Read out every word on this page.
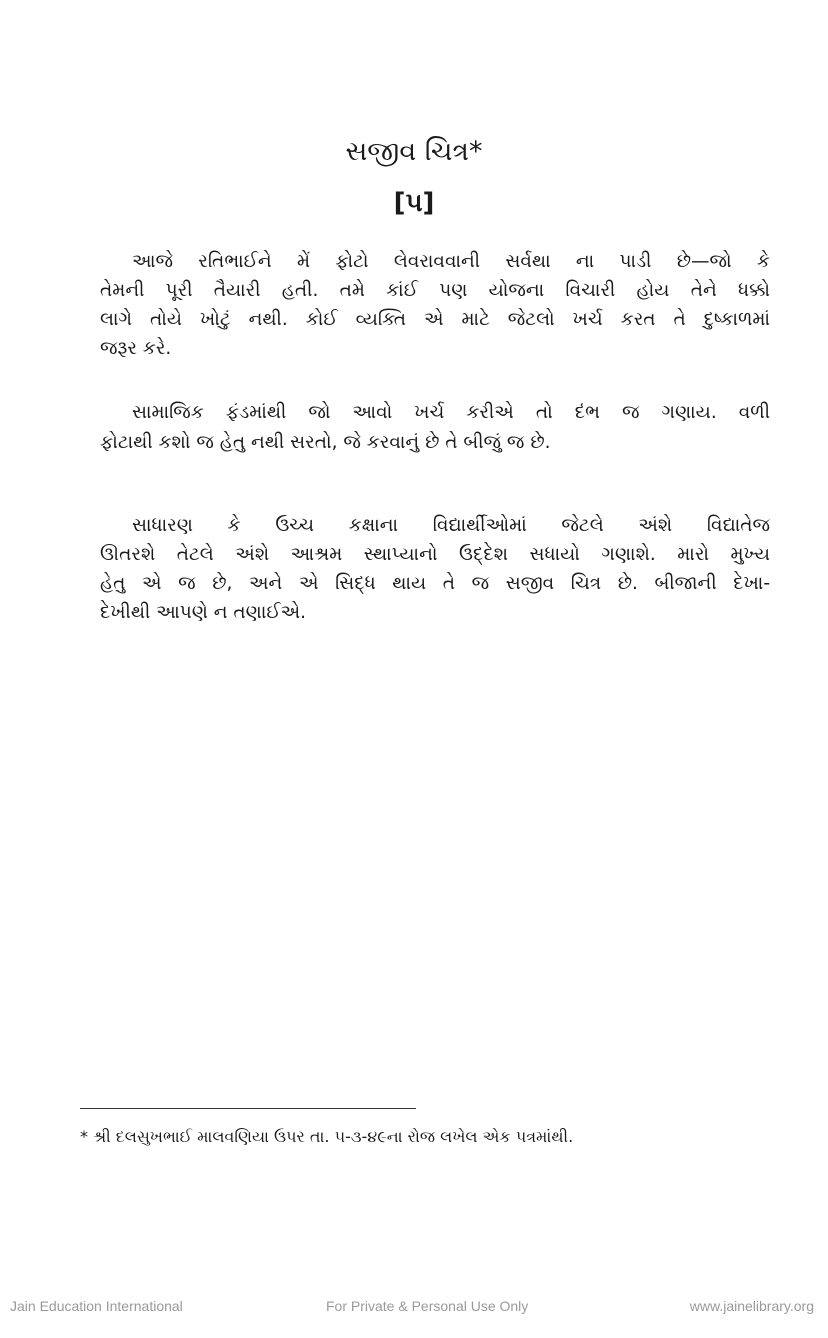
સજીવ ચિત્ર*
[૫]
આજે રતિભાઈને મેં ફોટો લેવરાવવાની સર્વથા ના પાડી છે—જો કે
તેમની પૂરી તૈયારી હતી. તમે કાંઈ પણ યોજના વિચારી હોય તેને ધક્કો
લાગે તોયે ખોટું નથી. કોઈ વ્યક્તિ એ માટે જેટલો ખર્ચ કરત તે દુષ્કાળમાં
જરૂર કરે.
સામાજિક ફંડમાંથી જો આવો ખર્ચ કરીએ તો દંભ જ ગણાય. વળી
ફોટાથી કશો જ હેતુ નથી સરતો, જે કરવાનું છે તે બીજું જ છે.
સાધારણ કે ઉચ્ચ કક્ષાના વિદ્યાર્થીઓમાં જેટલે અંશે વિદ્યાતેજ
ઊતરશે તેટલે અંશે આશ્રમ સ્થાપ્યાનો ઉદ્દેશ સધાયો ગણાશે. મારો મુખ્ય
હેતુ એ જ છે, અને એ સિદ્ધ થાય તે જ સજીવ ચિત્ર છે. બીજાની દેખા-
દેખીથી આપણે ન તણાઈએ.
* શ્રી દલસુખભાઈ માલવણિયા ઉપર તા. ૫-૩-૪૯ના રોજ લખેલ એક પત્રમાંથી.
Jain Education International	For Private & Personal Use Only	www.jainelibrary.org
